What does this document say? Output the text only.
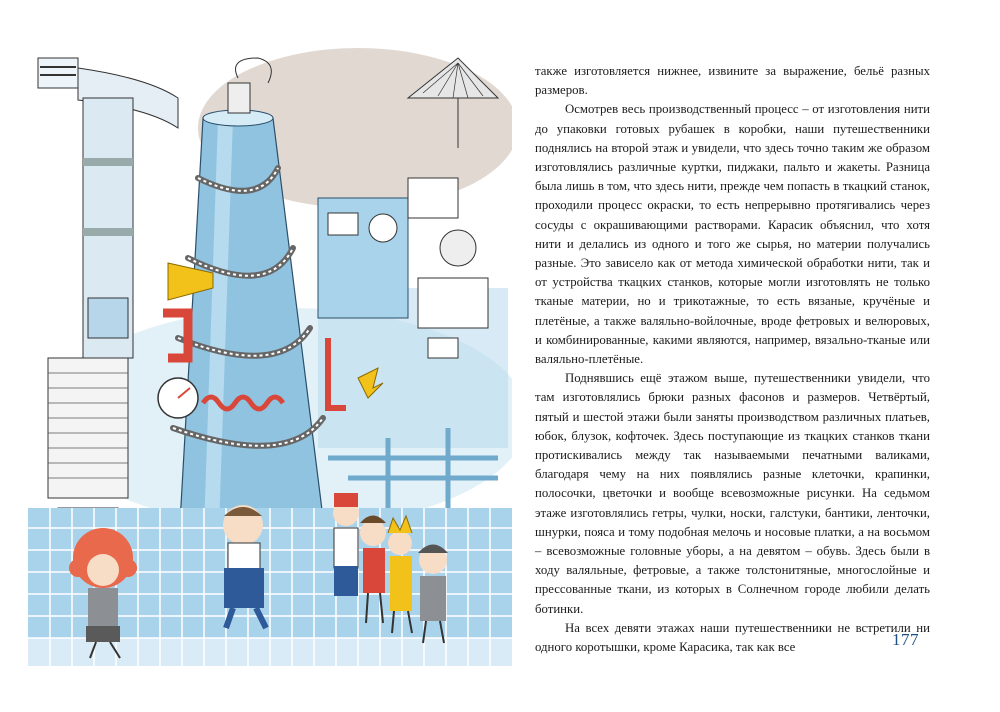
также изготовляется нижнее, извините за выражение, бельё разных размеров.

Осмотрев весь производственный процесс – от изготовления нити до упаковки готовых рубашек в коробки, наши путешественники поднялись на второй этаж и увидели, что здесь точно таким же образом изготовлялись различные куртки, пиджаки, пальто и жакеты. Разница была лишь в том, что здесь нити, прежде чем попасть в ткацкий станок, проходили процесс окраски, то есть непрерывно протягивались через сосуды с окрашивающими растворами. Карасик объяснил, что хотя нити и делались из одного и того же сырья, но материи получались разные. Это зависело как от метода химической обработки нити, так и от устройства ткацких станков, которые могли изготовлять не только тканые материи, но и трикотажные, то есть вязаные, кручёные и плетёные, а также валяльно-войлочные, вроде фетровых и велюровых, и комбинированные, какими являются, например, вязально-тканые или валяльно-плетёные.

Поднявшись ещё этажом выше, путешественники увидели, что там изготовлялись брюки разных фасонов и размеров. Четвёртый, пятый и шестой этажи были заняты производством различных платьев, юбок, блузок, кофточек. Здесь поступающие из ткацких станков ткани протискивались между так называемыми печатными валиками, благодаря чему на них появлялись разные клеточки, крапинки, полосочки, цветочки и вообще всевозможные рисунки. На седьмом этаже изготовлялись гетры, чулки, носки, галстуки, бантики, ленточки, шнурки, пояса и тому подобная мелочь и носовые платки, а на восьмом – всевозможные головные уборы, а на девятом – обувь. Здесь были в ходу валяльные, фетровые, а также толстонитяные, многослойные и прессованные ткани, из которых в Солнечном городе любили делать ботинки.

На всех девяти этажах наши путешественники не встретили ни одного коротышки, кроме Карасика, так как все	177
